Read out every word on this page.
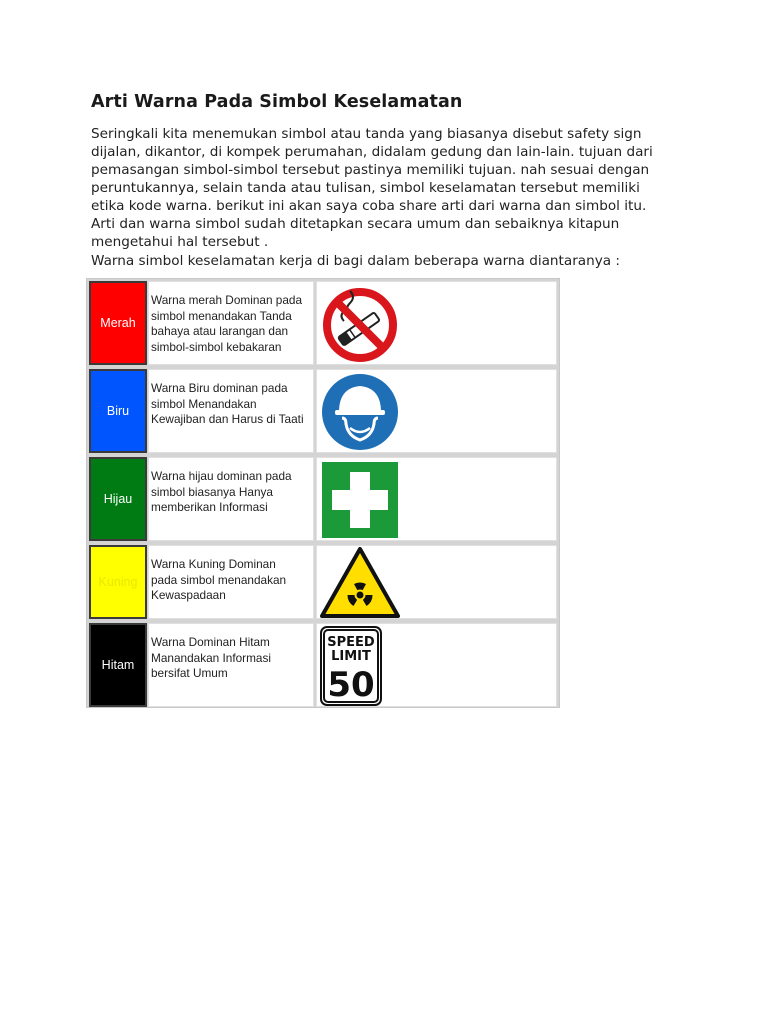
Arti Warna Pada Simbol Keselamatan

Seringkali kita menemukan simbol atau tanda yang biasanya disebut safety sign

dijalan, dikantor, di kompek perumahan, didalam gedung dan lain-lain. tujuan dari

pemasangan simbol-simbol tersebut pastinya memiliki tujuan. nah sesuai dengan

peruntukannya, selain tanda atau tulisan, simbol keselamatan tersebut memiliki

etika kode warna. berikut ini akan saya coba share arti dari warna dan simbol itu.

Arti dan warna simbol sudah ditetapkan secara umum dan sebaiknya kitapun

mengetahui hal tersebut .

Warna simbol keselamatan kerja di bagi dalam beberapa warna diantaranya :

Merah
Warna merah Dominan pada
simbol menandakan Tanda
bahaya atau larangan dan
simbol-simbol kebakaran
Biru
Warna Biru dominan pada
simbol Menandakan
Kewajiban dan Harus di Taati
Hijau
Warna hijau dominan pada
simbol biasanya Hanya
memberikan Informasi
Kuning
Warna Kuning Dominan
pada simbol menandakan
Kewaspadaan
Hitam
Warna Dominan Hitam
Manandakan Informasi
bersifat Umum
SPEED
LIMIT
50
